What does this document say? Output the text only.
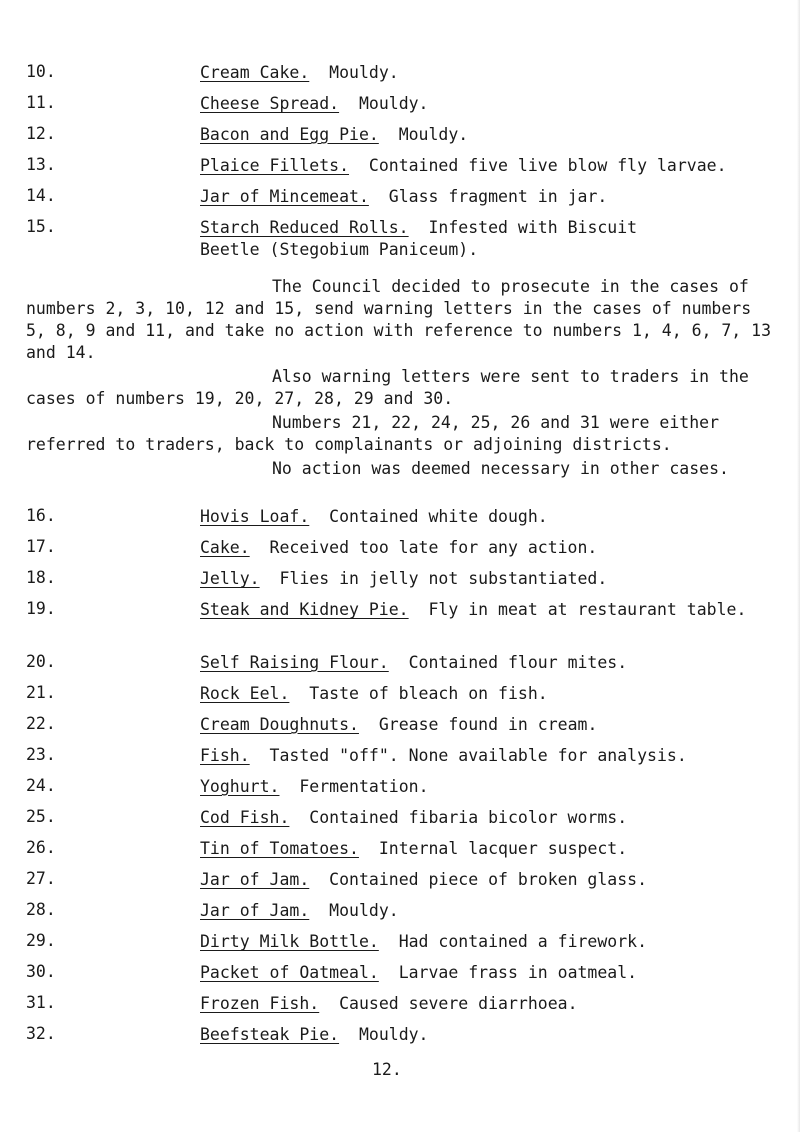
10.	Cream Cake. Mouldy.
11.	Cheese Spread. Mouldy.
12.	Bacon and Egg Pie. Mouldy.
13.	Plaice Fillets. Contained five live blow fly larvae.
14.	Jar of Mincemeat. Glass fragment in jar.
15.	Starch Reduced Rolls. Infested with Biscuit Beetle (Stegobium Paniceum).
The Council decided to prosecute in the cases of numbers 2, 3, 10, 12 and 15, send warning letters in the cases of numbers 5, 8, 9 and 11, and take no action with reference to numbers 1, 4, 6, 7, 13 and 14.
Also warning letters were sent to traders in the cases of numbers 19, 20, 27, 28, 29 and 30.
Numbers 21, 22, 24, 25, 26 and 31 were either referred to traders, back to complainants or adjoining districts.
No action was deemed necessary in other cases.
16.	Hovis Loaf. Contained white dough.
17.	Cake. Received too late for any action.
18.	Jelly. Flies in jelly not substantiated.
19.	Steak and Kidney Pie. Fly in meat at restaurant table.
20.	Self Raising Flour. Contained flour mites.
21.	Rock Eel. Taste of bleach on fish.
22.	Cream Doughnuts. Grease found in cream.
23.	Fish. Tasted "off". None available for analysis.
24.	Yoghurt. Fermentation.
25.	Cod Fish. Contained fibaria bicolor worms.
26.	Tin of Tomatoes. Internal lacquer suspect.
27.	Jar of Jam. Contained piece of broken glass.
28.	Jar of Jam. Mouldy.
29.	Dirty Milk Bottle. Had contained a firework.
30.	Packet of Oatmeal. Larvae frass in oatmeal.
31.	Frozen Fish. Caused severe diarrhoea.
32.	Beefsteak Pie. Mouldy.
12.
